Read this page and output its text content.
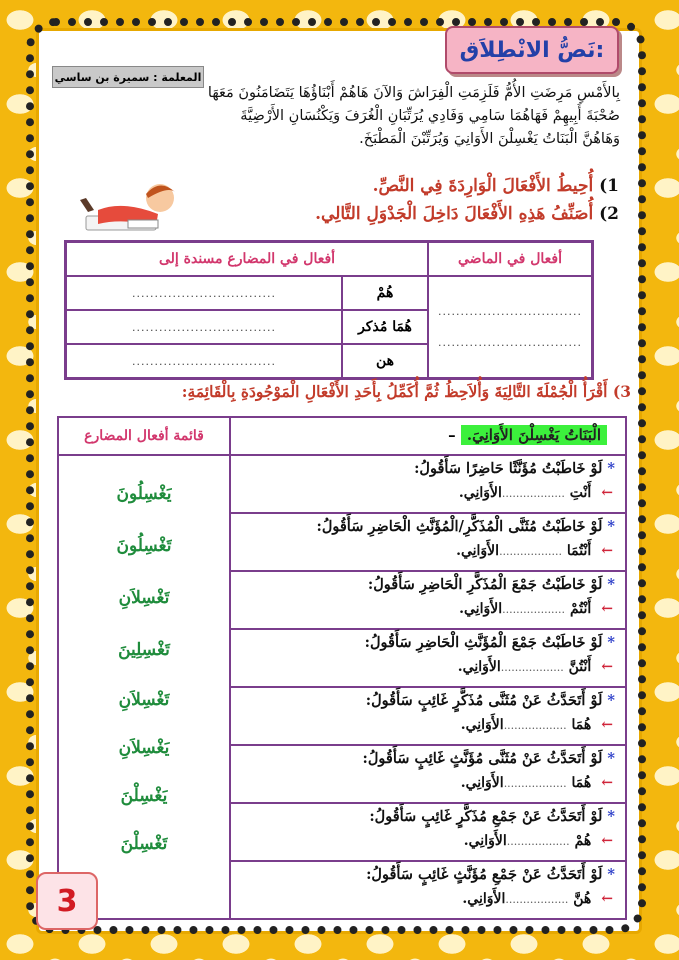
نَصُّ الانْطِلاَق:
المعلمة : سميرة بن ساسي
بِالأَمْسِ مَرِضَتِ الأُمُّ فَلَزِمَتِ الْفِرَاشَ وَالآنَ هَاهُمْ أَبْنَاؤُهَا يَتَضَامَنُونَ مَعَهَا
صُحْبَةَ أَبِيهِمْ فَهَاهُمَا سَامِي وَفَادِي يُرَتِّبَانِ الْغُرَفَ وَيَكْنُسَانِ الأَرْضِيَّةَ
وَهَاهُنَّ الْبَنَاتُ يَغْسِلْنَ الأَوَانِيَ وَيُرَتِّبْنَ الْمَطْبَخَ.
1) أُحِيطُ الأَفْعَالَ الْوَارِدَةَ فِي النَّصِّ.
2) أُصَنِّفُ هَذِهِ الأَفْعَالَ دَاخِلَ الْجَدْوَلِ التَّالِي.
أفعال في الماضي
أفعال في المضارع مسندة إلى
................................
................................
هُمْ
هُمَا مُذكر
هن
................................
................................
................................
3) أَقْرَأُ الْجُمْلَةَ التَّالِيَةَ وَأُلاَحِظُ ثُمَّ أُكَمِّلُ بِأَحَدِ الأَفْعَالِ الْمَوْجُودَةِ بِالْقَائِمَةِ:
قائمة أفعال المضارع
يَغْسِلُونَ
تَغْسِلُونَ
تَغْسِلاَنِ
تَغْسِلِينَ
تَغْسِلاَنِ
يَغْسِلاَنِ
يَغْسِلْنَ
تَغْسِلْنَ
الْبَنَاتُ يَغْسِلْنَ الأَوَانِيَ. –
*لَوْ خَاطَبْتُ مُؤَنَّثًا حَاضِرًا سَأَقُولُ:
←أَنْتِ ..................الأَوَانِي.
*لَوْ خَاطَبْتُ مُثَنَّى الْمُذَكَّرِ/الْمُؤَنَّثِ الْحَاضِرِ سَأَقُولُ:
←أَنْتُمَا ..................الأَوَانِي.
*لَوْ خَاطَبْتُ جَمْعَ الْمُذَكَّرِ الْحَاضِرِ سَأَقُولُ:
←أَنْتُمْ ..................الأَوَانِي.
*لَوْ خَاطَبْتُ جَمْعَ الْمُؤَنَّثِ الْحَاضِرِ سَأَقُولُ:
←أَنْتُنَّ ..................الأَوَانِي.
*لَوْ أَتَحَدَّثُ عَنْ مُثَنَّى مُذَكَّرٍ غَائِبٍ سَأَقُولُ:
←هُمَا ..................الأَوَانِي.
*لَوْ أَتَحَدَّثُ عَنْ مُثَنَّى مُؤَنَّثٍ غَائِبٍ سَأَقُولُ:
←هُمَا ..................الأَوَانِي.
*لَوْ أَتَحَدَّثُ عَنْ جَمْعِ مُذَكَّرٍ غَائِبٍ سَأَقُولُ:
←هُمْ ..................الأَوَانِي.
*لَوْ أَتَحَدَّثُ عَنْ جَمْعِ مُؤَنَّثٍ غَائِبٍ سَأَقُولُ:
←هُنَّ ..................الأَوَانِي.
3
